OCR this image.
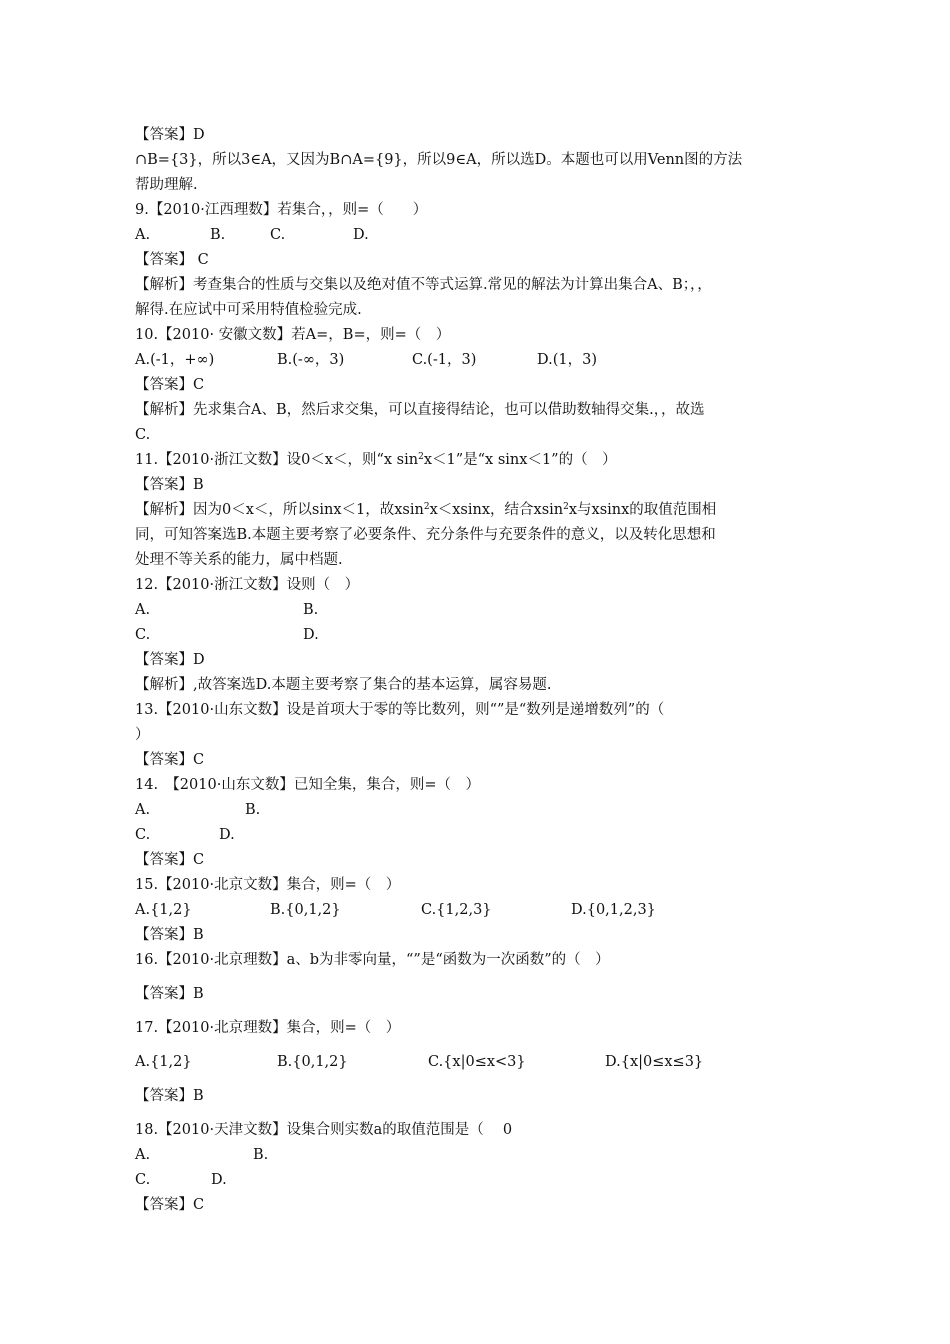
【答案】D
∩B={3}，所以3∈A，又因为B∩A={9}，所以9∈A，所以选D。本题也可以用Venn图的方法
帮助理解.
9.【2010·江西理数】若集合，，则=（　　）
A.	B.	C.	D.
【答案】 C
【解析】考查集合的性质与交集以及绝对值不等式运算.常见的解法为计算出集合A、B；，，
解得.在应试中可采用特值检验完成.
10.【2010· 安徽文数】若A=，B=，则=（　）
A.(-1，+∞)	B.(-∞，3)	C.(-1，3)	D.(1，3)
【答案】C
【解析】先求集合A、B，然后求交集，可以直接得结论，也可以借助数轴得交集.，，故选
C.
11.【2010·浙江文数】设0＜x＜，则“x $\sin^2x<1$”是“x sinx＜1”的（　）
【答案】B
【解析】因为0＜x＜，所以sinx＜1，故xsin$^2$x＜xsinx，结合xsin$^2$x与xsinx的取值范围相
同，可知答案选B.本题主要考察了必要条件、充分条件与充要条件的意义，以及转化思想和
处理不等关系的能力，属中档题.
12.【2010·浙江文数】设则（　）
A.	B.
C.	D.
【答案】D
【解析】,故答案选D.本题主要考察了集合的基本运算，属容易题.
13.【2010·山东文数】设是首项大于零的等比数列，则“”是“数列是递增数列”的（
）
【答案】C
14.　【2010·山东文数】已知全集，集合，则=（　）
A.	B.
C.	D.
【答案】C
15.【2010·北京文数】集合，则=（　）
A.{1,2}	B.{0,1,2}	C.{1,2,3}	D.{0,1,2,3}
【答案】B
16.【2010·北京理数】a、b为非零向量，“”是“函数为一次函数”的（　）
【答案】B
17.【2010·北京理数】集合，则=（　）
A.{1,2}	B.{0,1,2}	C.{x|0≤x<3}	D.{x|0≤x≤3}
【答案】B
18.【2010·天津文数】设集合则实数a的取值范围是（　 0
A.	B.
C.	D.
【答案】C
